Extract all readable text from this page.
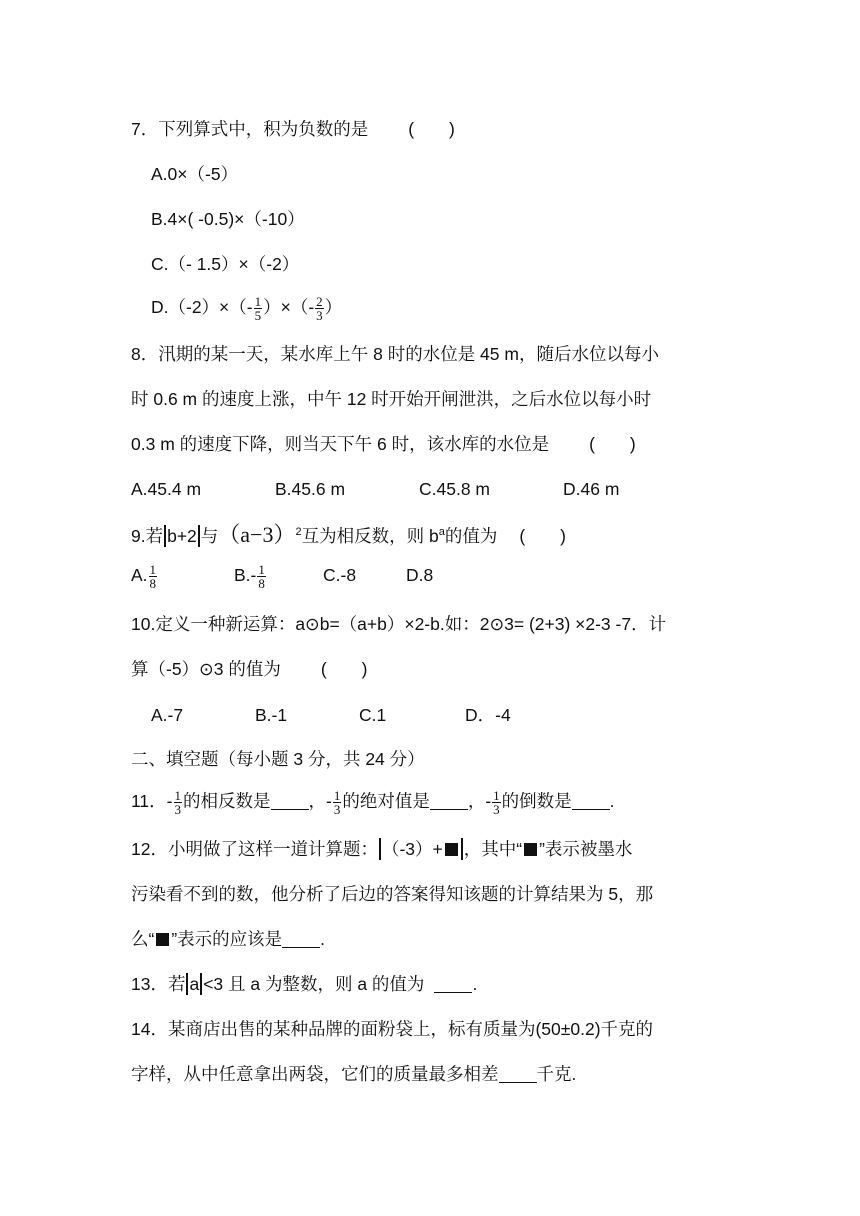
7．下列算式中，积为负数的是 (　　)
A.0×（-5）
B.4×( -0.5)×（-10）
C.（- 1.5）×（-2）
$D.(-2)\times(- \frac{1}{5}$ ）×（- $\frac{2}{3}$ ）
8．汛期的某一天，某水库上午 8 时的水位是 45 m，随后水位以每小
时 0.6 m 的速度上涨，中午 12 时开始开闸泄洪，之后水位以每小时
0.3 m 的速度下降，则当天下午 6 时，该水库的水位是 (　　)
A.45.4 m	B.45.6 m	C.45.8 m	D.46 m
9.若 b+2 与$(a-3)^2$互为相反数，则 $b^a$的值为 (　　)
A. $\frac{1}{8}$	$B.- \frac{1}{8}$	C.-8	D.8
10.定义一种新运算：a⊙b=（a+b）×2-b.如：2⊙3= (2+3) ×2-3 -7．计
算（-5）⊙3 的值为 (　　)
A.-7	B.-1	C.1	D．-4
二、填空题（每小题 3 分，共 24 分）
11．- $\frac{1}{3}$ 的相反数是 ，- $\frac{1}{3}$ 的绝对值是 ，- $\frac{1}{3}$ 的倒数是 .
12．小明做了这样一道计算题： （-3）+ ，其中“ ”表示被墨水
污染看不到的数，他分析了后边的答案得知该题的计算结果为 5，那
么“ ”表示的应该是 .
13．若 a <3 且 a 为整数，则 a 的值为	.
14．某商店出售的某种品牌的面粉袋上，标有质量为(50±0.2)千克的
字样，从中任意拿出两袋，它们的质量最多相差 千克.
